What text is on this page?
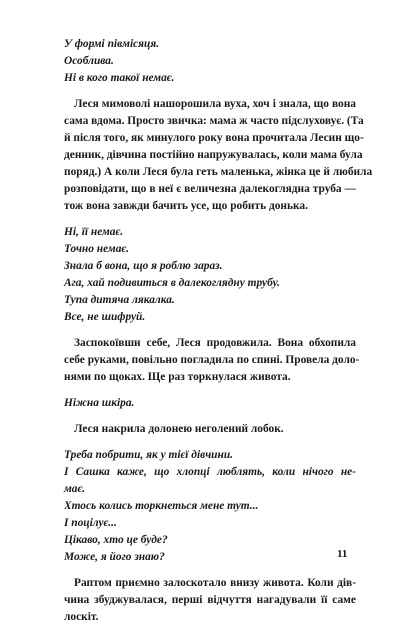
У формі півмісяця.
Особлива.
Ні в кого такої немає.
Леся мимоволі нашорошила вуха, хоч і знала, що вона
сама вдома. Просто звичка: мама ж часто підслуховує. (Та
й після того, як минулого року вона прочитала Лесин що-
денник, дівчина постійно напружувалась, коли мама була
поряд.) А коли Леся була геть маленька, жінка це й любила
розповідати, що в неї є величезна далекоглядна труба —
тож вона завжди бачить усе, що робить донька.
Ні, її немає.
Точно немає.
Знала б вона, що я роблю зараз.
Ага, хай подивиться в далекоглядну трубу.
Тупа дитяча лякалка.
Все, не шифруй.
Заспокоївши себе, Леся продовжила. Вона обхопила
себе руками, повільно погладила по спині. Провела доло-
нями по щоках. Ще раз торкнулася живота.
Ніжна шкіра.
Леся накрила долонею неголений лобок.
Треба побрити, як у тієї дівчини.
І Сашка каже, що хлопці люблять, коли нічого не-
має.
Хтось колись торкнеться мене тут...
І поцілує...
Цікаво, хто це буде?
Може, я його знаю?
Раптом приємно залоскотало внизу живота. Коли дів-
чина збуджувалася, перші відчуття нагадували її саме
лоскіт.
11
